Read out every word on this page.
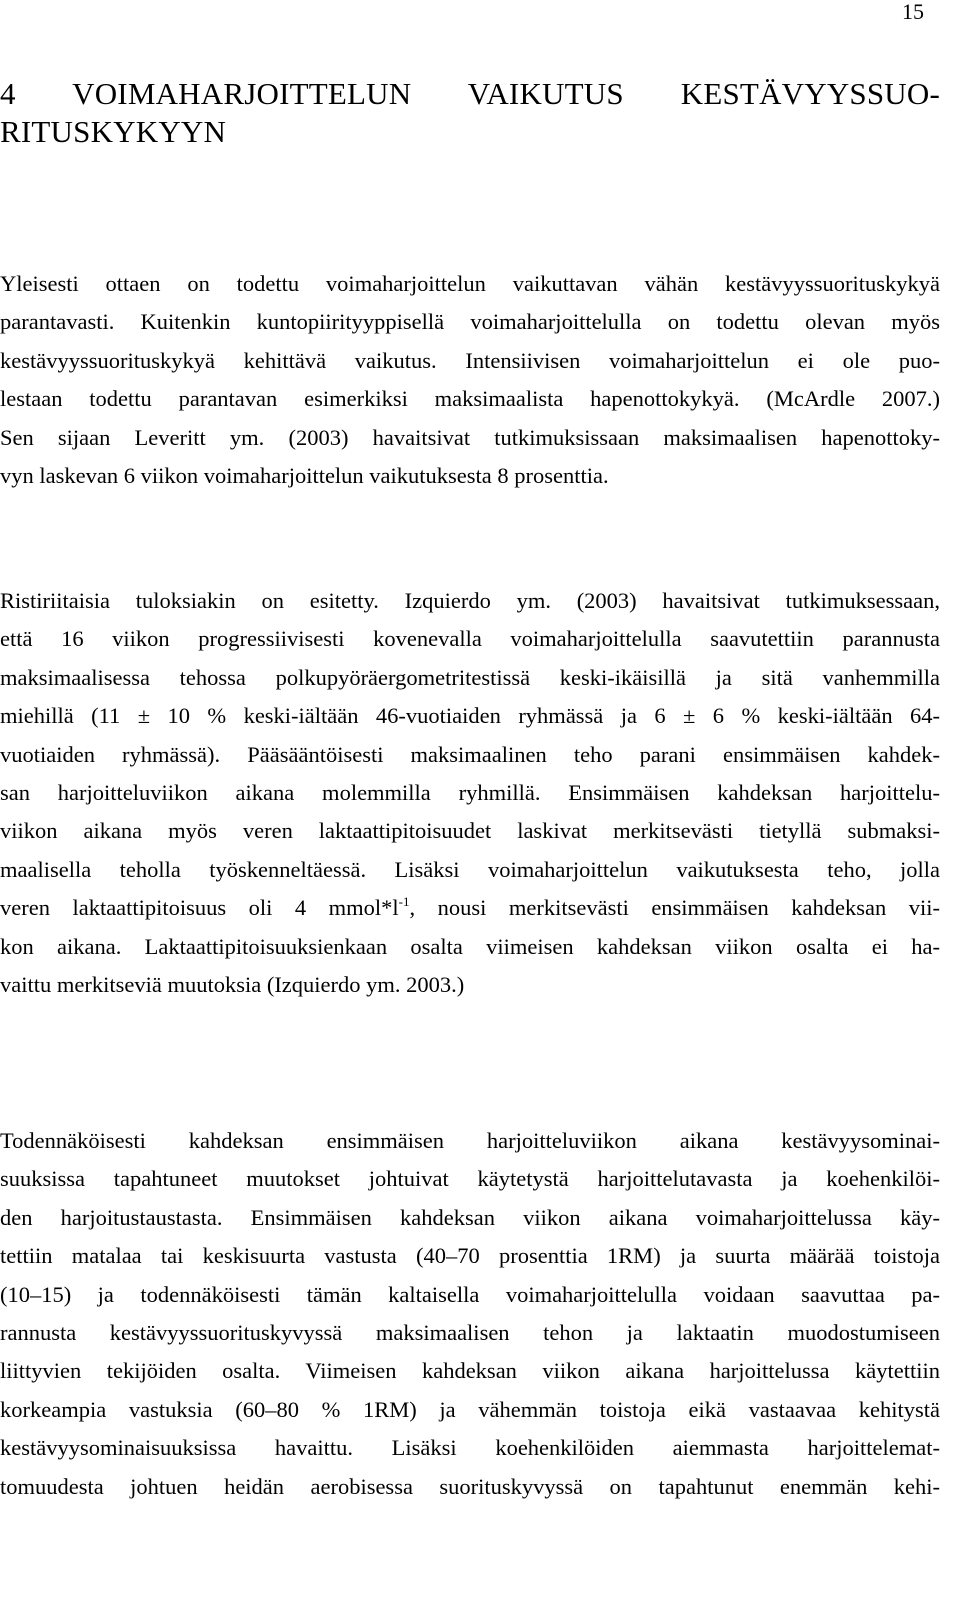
15
4 VOIMAHARJOITTELUN VAIKUTUS KESTÄVYYSSUO-
RITUSKYKYYN
Yleisesti ottaen on todettu voimaharjoittelun vaikuttavan vähän kestävyyssuorituskykyä
parantavasti. Kuitenkin kuntopiirityyppisellä voimaharjoittelulla on todettu olevan myös
kestävyyssuorituskykyä kehittävä vaikutus. Intensiivisen voimaharjoittelun ei ole puo-
lestaan todettu parantavan esimerkiksi maksimaalista hapenottokykyä. (McArdle 2007.)
Sen sijaan Leveritt ym. (2003) havaitsivat tutkimuksissaan maksimaalisen hapenottoky-
vyn laskevan 6 viikon voimaharjoittelun vaikutuksesta 8 prosenttia.
Ristiriitaisia tuloksiakin on esitetty. Izquierdo ym. (2003) havaitsivat tutkimuksessaan,
että 16 viikon progressiivisesti kovenevalla voimaharjoittelulla saavutettiin parannusta
maksimaalisessa tehossa polkupyöräergometritestissä keski-ikäisillä ja sitä vanhemmilla
miehillä (11 ± 10 % keski-iältään 46-vuotiaiden ryhmässä ja 6 ± 6 % keski-iältään 64-
vuotiaiden ryhmässä). Pääsääntöisesti maksimaalinen teho parani ensimmäisen kahdek-
san harjoitteluviikon aikana molemmilla ryhmillä. Ensimmäisen kahdeksan harjoittelu-
viikon aikana myös veren laktaattipitoisuudet laskivat merkitsevästi tietyllä submaksi-
maalisella teholla työskenneltäessä. Lisäksi voimaharjoittelun vaikutuksesta teho, jolla
veren laktaattipitoisuus oli 4 $mmol*l^{-1}$, nousi merkitsevästi ensimmäisen kahdeksan vii-
kon aikana. Laktaattipitoisuuksienkaan osalta viimeisen kahdeksan viikon osalta ei ha-
vaittu merkitseviä muutoksia (Izquierdo ym. 2003.)
Todennäköisesti kahdeksan ensimmäisen harjoitteluviikon aikana kestävyysominai-
suuksissa tapahtuneet muutokset johtuivat käytetystä harjoittelutavasta ja koehenkilöi-
den harjoitustaustasta. Ensimmäisen kahdeksan viikon aikana voimaharjoittelussa käy-
tettiin matalaa tai keskisuurta vastusta (40–70 prosenttia 1RM) ja suurta määrää toistoja
(10–15) ja todennäköisesti tämän kaltaisella voimaharjoittelulla voidaan saavuttaa pa-
rannusta kestävyyssuorituskyvyssä maksimaalisen tehon ja laktaatin muodostumiseen
liittyvien tekijöiden osalta. Viimeisen kahdeksan viikon aikana harjoittelussa käytettiin
korkeampia vastuksia (60–80 % 1RM) ja vähemmän toistoja eikä vastaavaa kehitystä
kestävyysominaisuuksissa havaittu. Lisäksi koehenkilöiden aiemmasta harjoittelemat-
tomuudesta johtuen heidän aerobisessa suorituskyvyssä on tapahtunut enemmän kehi-
